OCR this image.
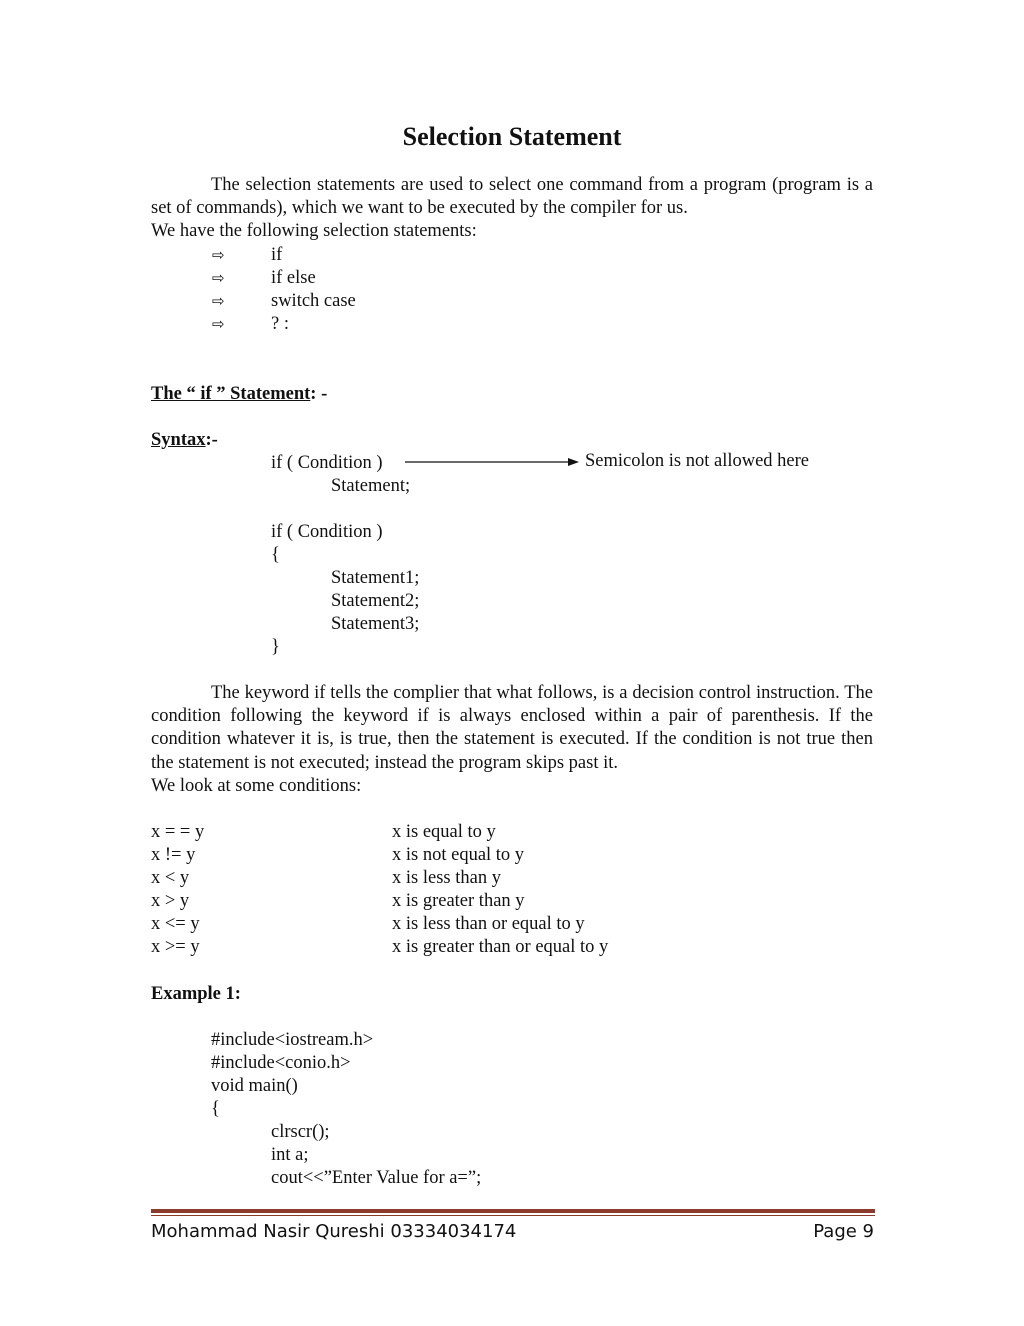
Selection Statement

The selection statements are used to select one command from a program (program is a set of commands), which we want to be executed by the compiler for us.

We have the following selection statements:

⇨	if
⇨	if else
⇨	switch case
⇨	? :
The “ if ” Statement: -
Syntax:-
if ( Condition )
Statement;
if ( Condition )
{
Statement1;
Statement2;
Statement3;
}
Semicolon is not allowed here

The keyword if tells the complier that what follows, is a decision control instruction. The condition following the keyword if is always enclosed within a pair of parenthesis. If the condition whatever it is, is true, then the statement is executed. If the condition is not true then the statement is not executed; instead the program skips past it.

We look at some conditions:

x = = y	x is equal to y
x != y	x is not equal to y
x < y	x is less than y
x > y	x is greater than y
x <= y	x is less than or equal to y
x >= y	x is greater than or equal to y
Example 1:
#include<iostream.h>
#include<conio.h>
void main()
{
clrscr();
int a;
cout<<”Enter Value for a=”;
Mohammad Nasir Qureshi 03334034174	Page 9
